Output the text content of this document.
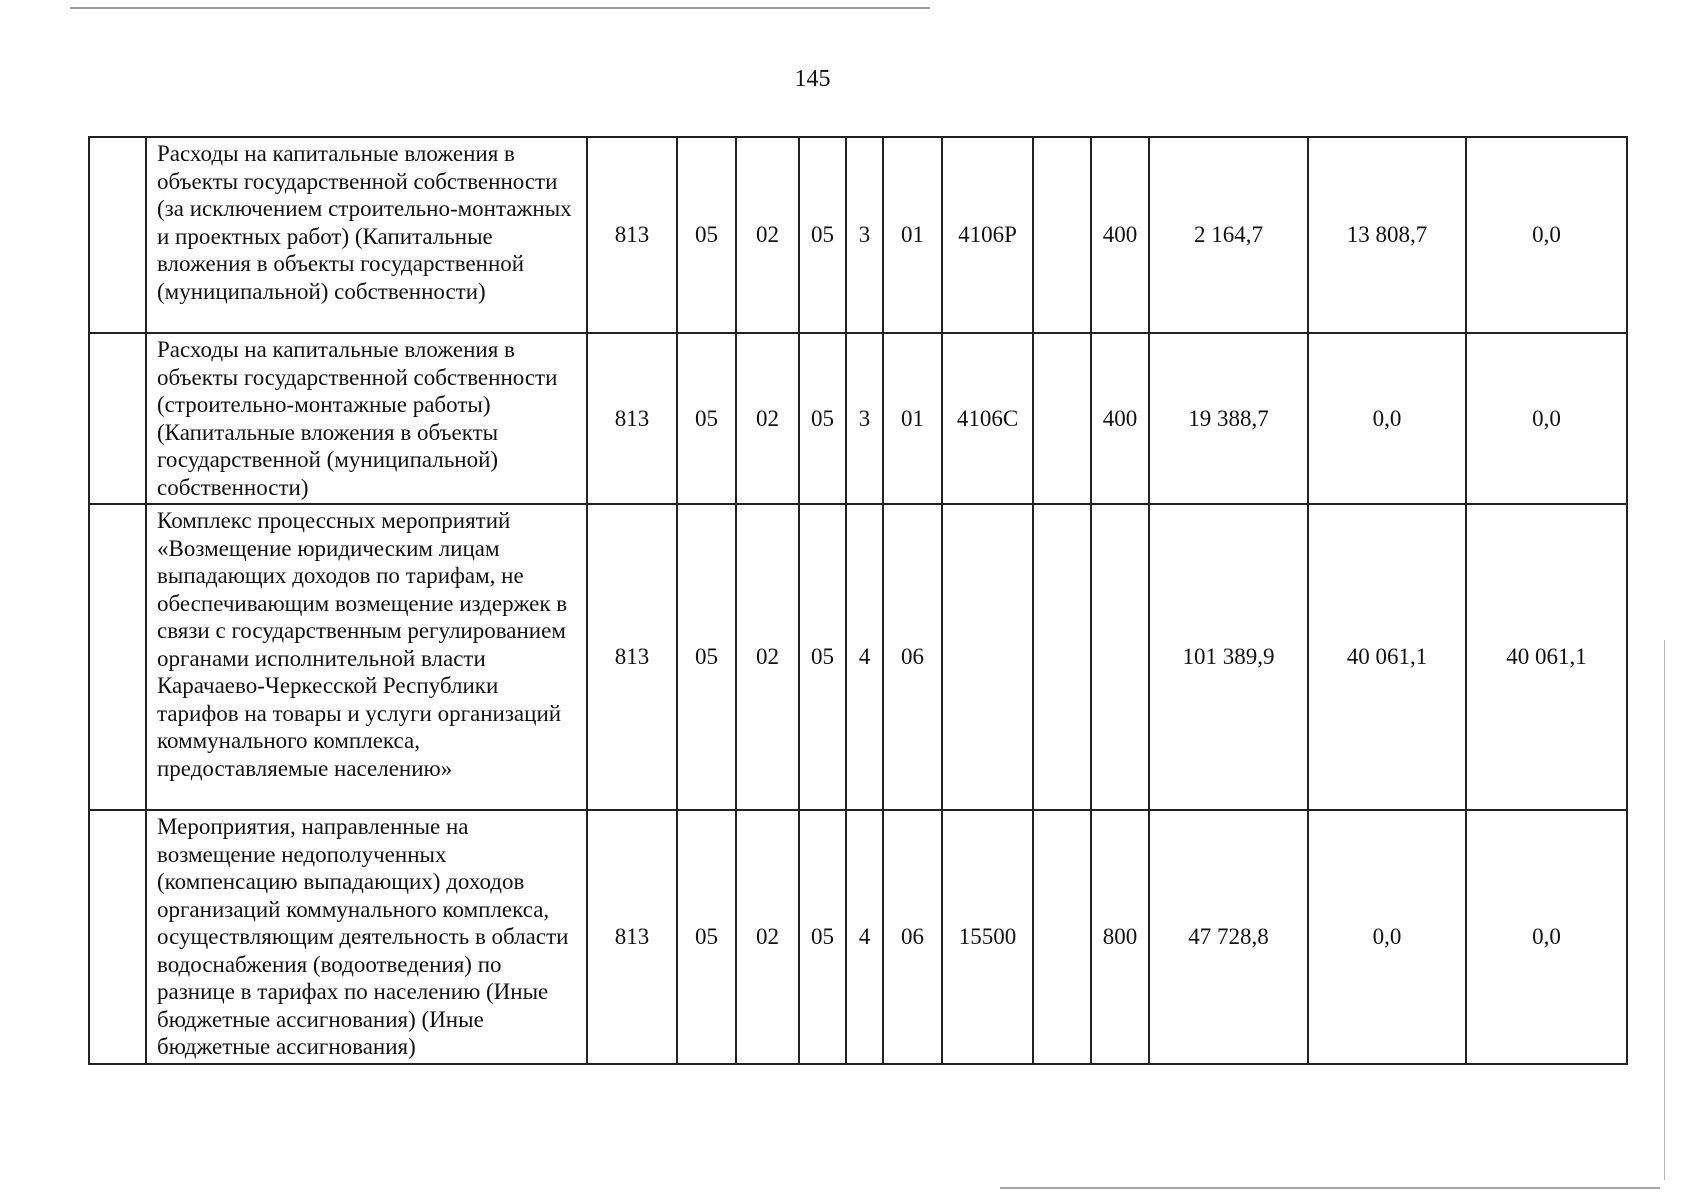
145
	Расходы на капитальные вложения в объекты государственной собственности (за исключением строительно-монтажных и проектных работ) (Капитальные вложения в объекты государственной (муниципальной) собственности)	813	05	02	05	3	01	4106Р		400	2 164,7	13 808,7	0,0
	Расходы на капитальные вложения в объекты государственной собственности (строительно-монтажные работы) (Капитальные вложения в объекты государственной (муниципальной) собственности)	813	05	02	05	3	01	4106С		400	19 388,7	0,0	0,0
	Комплекс процессных мероприятий «Возмещение юридическим лицам выпадающих доходов по тарифам, не обеспечивающим возмещение издержек в связи с государственным регулированием органами исполнительной власти Карачаево-Черкесской Республики тарифов на товары и услуги организаций коммунального комплекса, предоставляемые населению»	813	05	02	05	4	06				101 389,9	40 061,1	40 061,1
	Мероприятия, направленные на возмещение недополученных (компенсацию выпадающих) доходов организаций коммунального комплекса, осуществляющим деятельность в области водоснабжения (водоотведения) по разнице в тарифах по населению (Иные бюджетные ассигнования) (Иные бюджетные ассигнования)	813	05	02	05	4	06	15500		800	47 728,8	0,0	0,0
